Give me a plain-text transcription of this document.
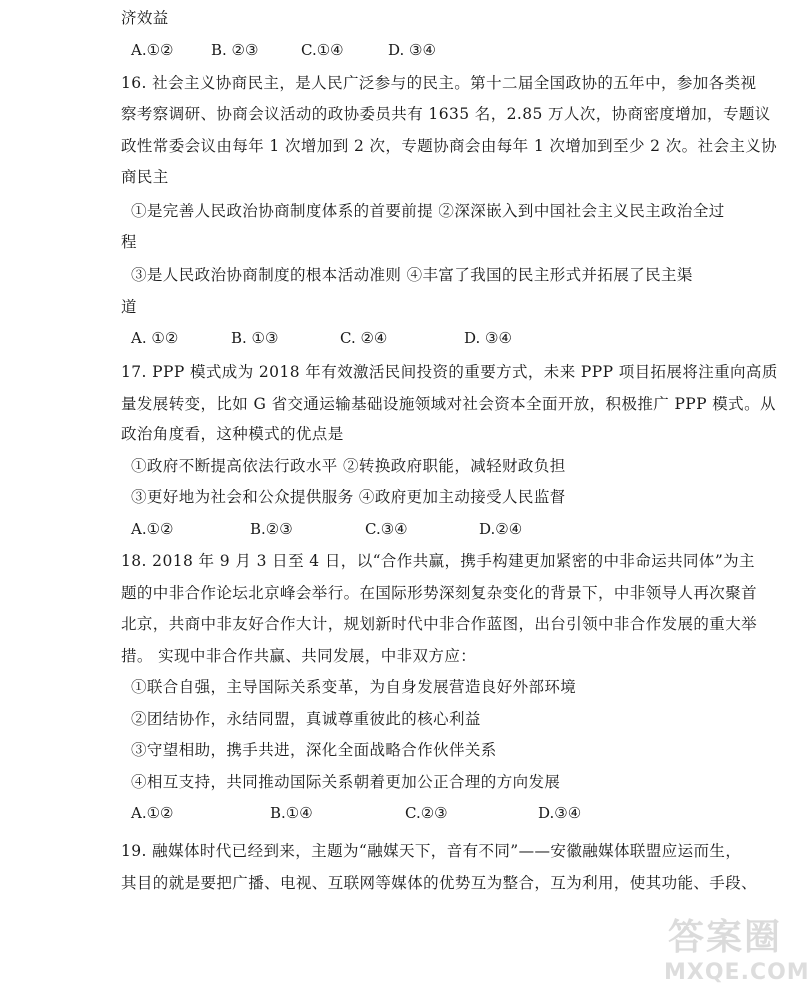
济效益
A.①②	B. ②③	C.①④	D. ③④
16. 社会主义协商民主，是人民广泛参与的民主。第十二届全国政协的五年中，参加各类视
察考察调研、协商会议活动的政协委员共有 1635 名，2.85 万人次，协商密度增加，专题议
政性常委会议由每年 1 次增加到 2 次，专题协商会由每年 1 次增加到至少 2 次。社会主义协
商民主
①是完善人民政治协商制度体系的首要前提 ②深深嵌入到中国社会主义民主政治全过
程
③是人民政治协商制度的根本活动准则 ④丰富了我国的民主形式并拓展了民主渠
道
A. ①②	B. ①③	C. ②④	D. ③④
17. PPP 模式成为 2018 年有效激活民间投资的重要方式，未来 PPP 项目拓展将注重向高质
量发展转变，比如 G 省交通运输基础设施领域对社会资本全面开放，积极推广 PPP 模式。从
政治角度看，这种模式的优点是
①政府不断提高依法行政水平 ②转换政府职能，减轻财政负担
③更好地为社会和公众提供服务 ④政府更加主动接受人民监督
A.①②	B.②③	C.③④	D.②④
18. 2018 年 9 月 3 日至 4 日，以“合作共赢，携手构建更加紧密的中非命运共同体”为主
题的中非合作论坛北京峰会举行。在国际形势深刻复杂变化的背景下，中非领导人再次聚首
北京，共商中非友好合作大计，规划新时代中非合作蓝图，出台引领中非合作发展的重大举
措。 实现中非合作共赢、共同发展，中非双方应：
①联合自强，主导国际关系变革，为自身发展营造良好外部环境
②团结协作，永结同盟，真诚尊重彼此的核心利益
③守望相助，携手共进，深化全面战略合作伙伴关系
④相互支持，共同推动国际关系朝着更加公正合理的方向发展
A.①②	B.①④	C.②③	D.③④
19. 融媒体时代已经到来，主题为“融媒天下，音有不同”——安徽融媒体联盟应运而生，
其目的就是要把广播、电视、互联网等媒体的优势互为整合，互为利用，使其功能、手段、
答案圈
MXQE.COM
